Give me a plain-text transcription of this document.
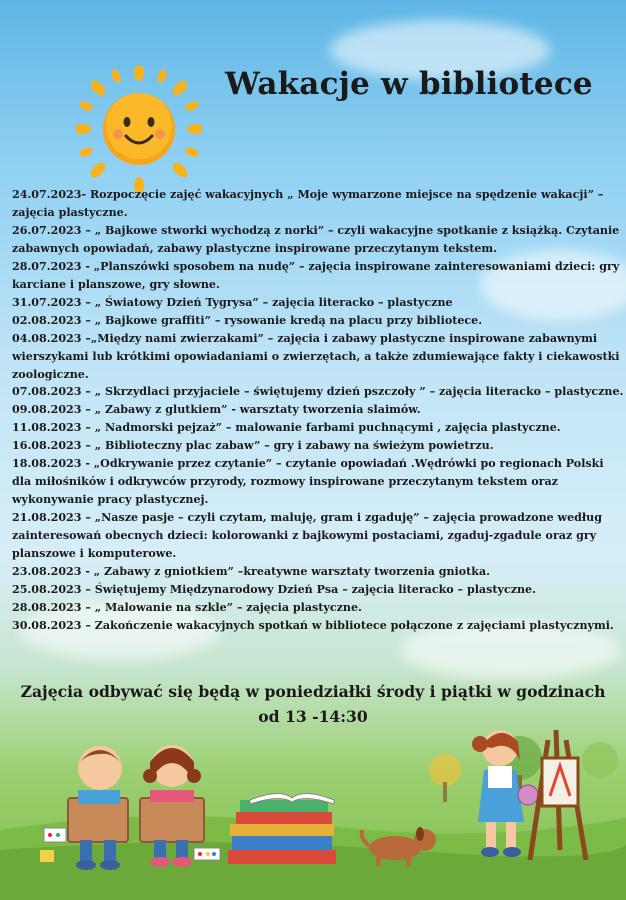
Wakacje w bibliotece
24.07.2023- Rozpoczęcie zajęć wakacyjnych „ Moje wymarzone miejsce na spędzenie wakacji” – zajęcia plastyczne.
26.07.2023 – „ Bajkowe stworki wychodzą z norki” – czyli wakacyjne spotkanie z książką. Czytanie zabawnych opowiadań, zabawy plastyczne inspirowane przeczytanym tekstem.
28.07.2023 - „Planszówki sposobem na nudę” – zajęcia inspirowane zainteresowaniami dzieci: gry karciane i planszowe, gry słowne.
31.07.2023 – „ Światowy Dzień Tygrysa” – zajęcia literacko – plastyczne
02.08.2023 – „ Bajkowe graffiti” – rysowanie kredą na placu przy bibliotece.
04.08.2023 –„Między nami zwierzakami” – zajęcia i zabawy plastyczne inspirowane zabawnymi wierszykami lub krótkimi opowiadaniami o zwierzętach, a także zdumiewające fakty i ciekawostki zoologiczne.
07.08.2023 – „ Skrzydlaci przyjaciele – świętujemy dzień pszczoły ” – zajęcia literacko – plastyczne.
09.08.2023 – „ Zabawy z glutkiem” - warsztaty tworzenia slaimów.
11.08.2023 – „ Nadmorski pejzaż” – malowanie farbami puchnącymi , zajęcia plastyczne.
16.08.2023 – „ Biblioteczny plac zabaw” – gry i zabawy na świeżym powietrzu.
18.08.2023 - „Odkrywanie przez czytanie” – czytanie opowiadań .Wędrówki po regionach Polski dla miłośników i odkrywców przyrody, rozmowy inspirowane przeczytanym tekstem oraz wykonywanie pracy plastycznej.
21.08.2023 – „Nasze pasje – czyli czytam, maluję, gram i zgaduję” – zajęcia prowadzone według zainteresowań obecnych dzieci: kolorowanki z bajkowymi postaciami, zgaduj-zgadule oraz gry planszowe i komputerowe.
23.08.2023 - „ Zabawy z gniotkiem” –kreatywne warsztaty tworzenia gniotka.
25.08.2023 – Świętujemy Międzynarodowy Dzień Psa – zajęcia literacko – plastyczne.
28.08.2023 – „ Malowanie na szkle” – zajęcia plastyczne.
30.08.2023 – Zakończenie wakacyjnych spotkań w bibliotece połączone z zajęciami plastycznymi.
Zajęcia odbywać się będą w poniedziałki środy i piątki w godzinach
od 13 -14:30
